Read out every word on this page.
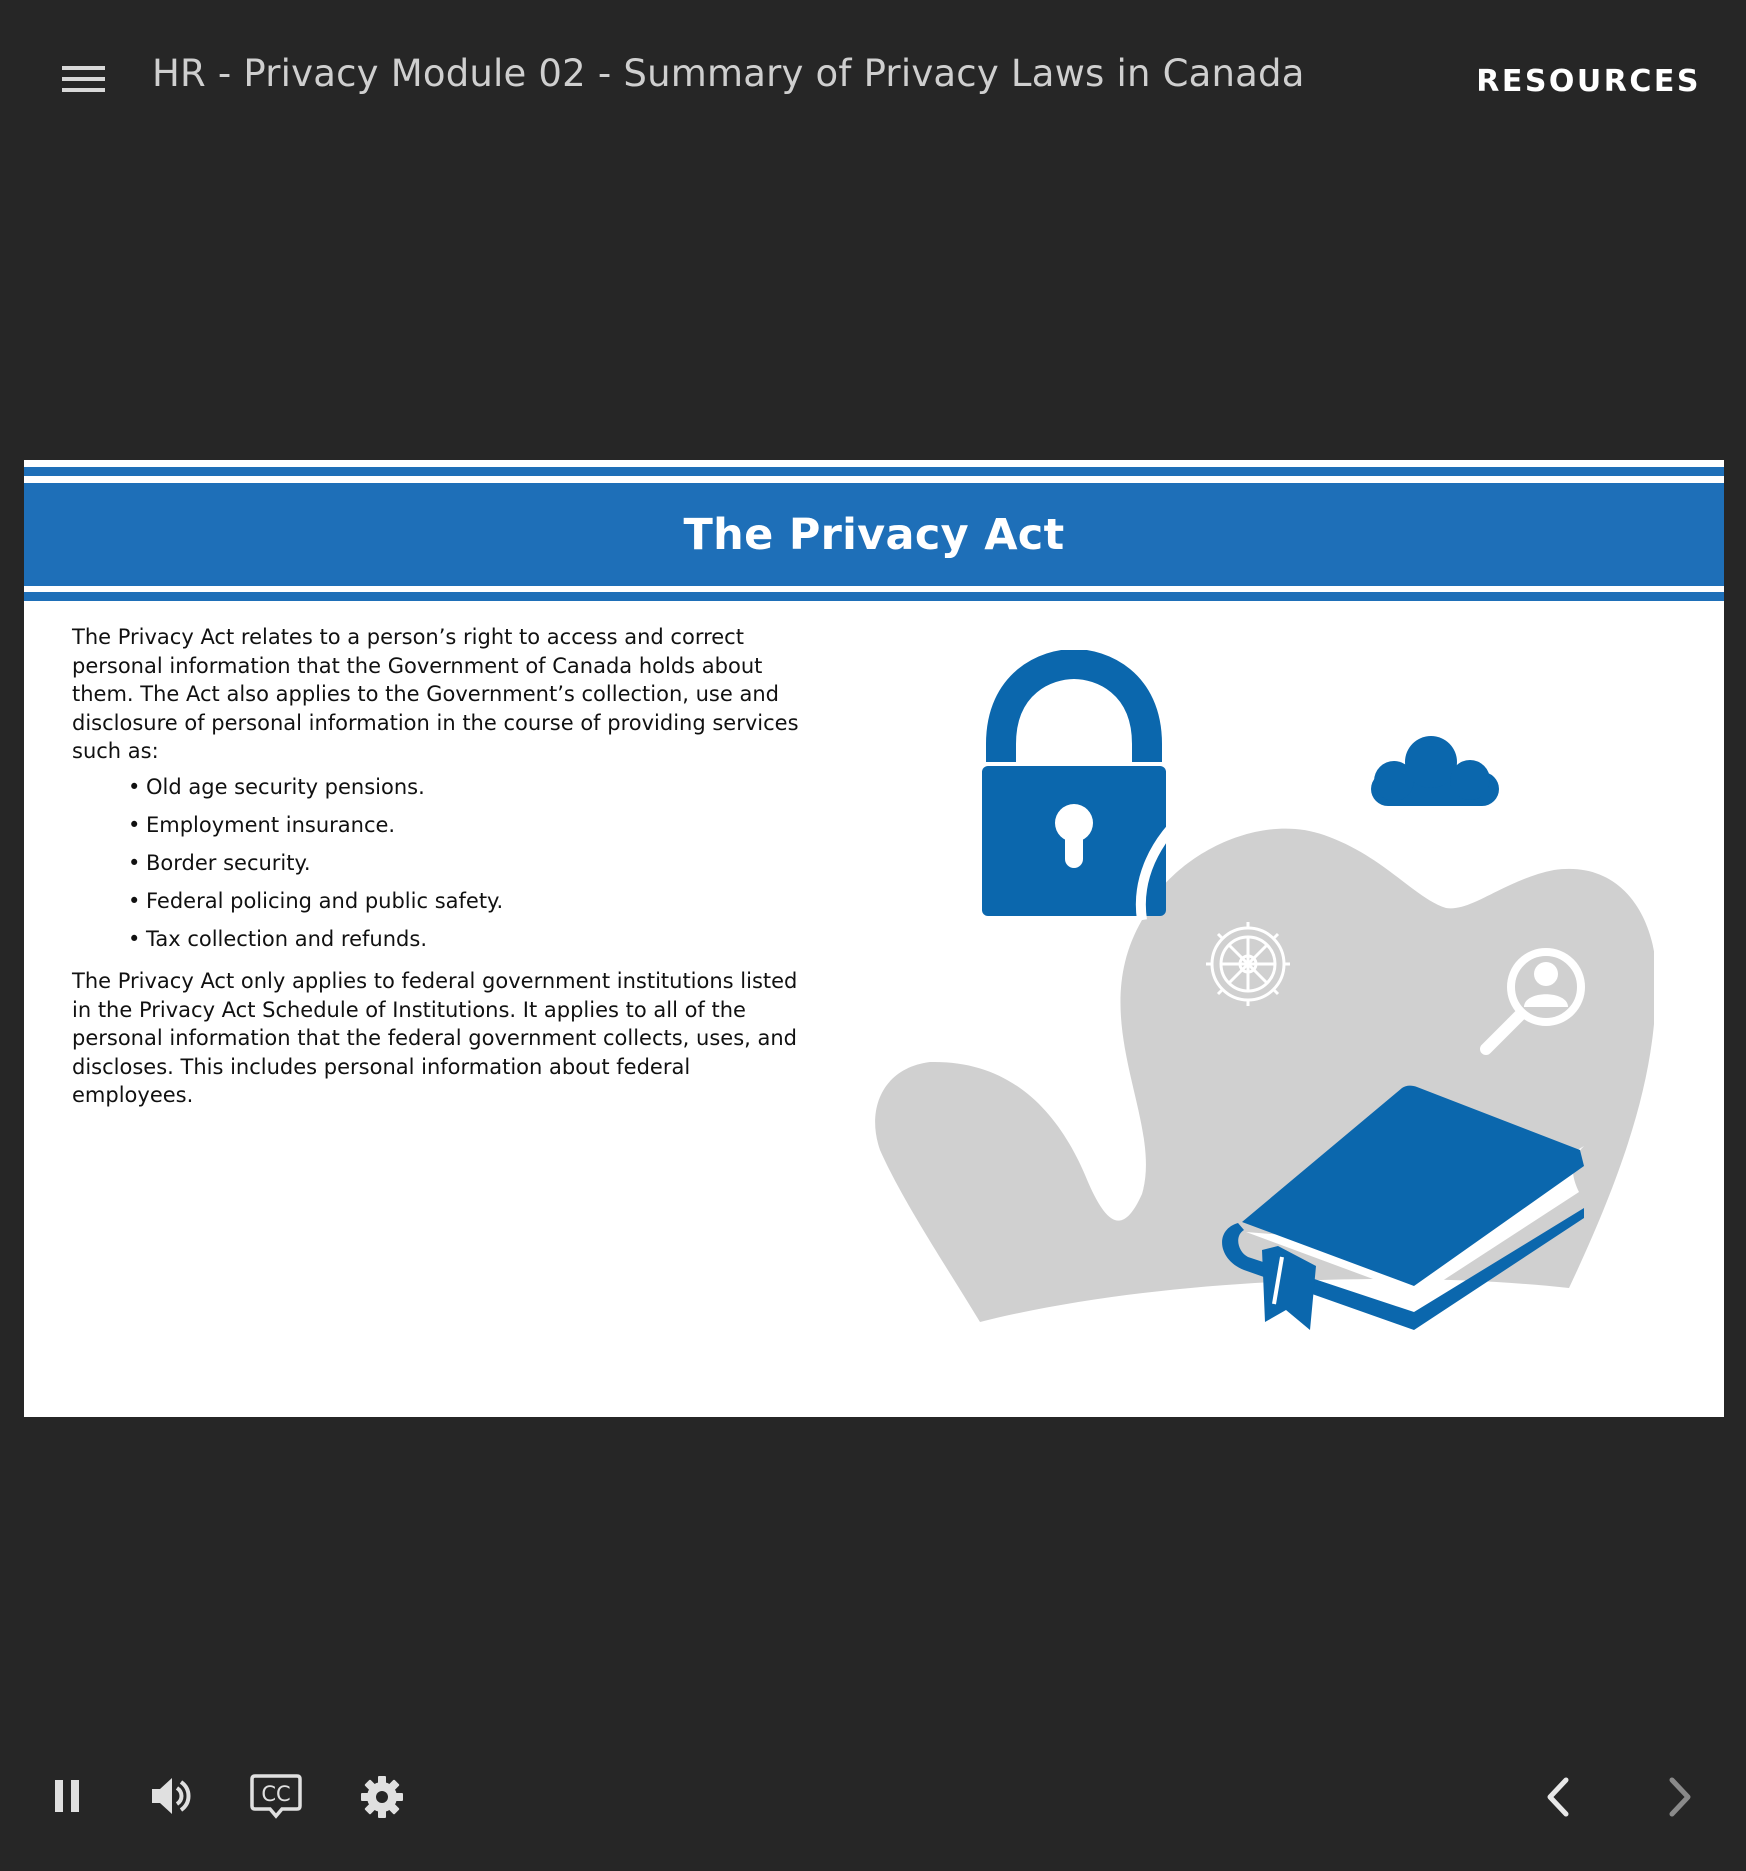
HR - Privacy Module 02 - Summary of Privacy Laws in Canada	RESOURCES
The Privacy Act

The Privacy Act relates to a person’s right to access and correct personal information that the Government of Canada holds about them. The Act also applies to the Government’s collection, use and disclosure of personal information in the course of providing services such as:

• Old age security pensions.
• Employment insurance.
• Border security.
• Federal policing and public safety.
• Tax collection and refunds.

The Privacy Act only applies to federal government institutions listed in the Privacy Act Schedule of Institutions. It applies to all of the personal information that the federal government collects, uses, and discloses. This includes personal information about federal employees.

CC
